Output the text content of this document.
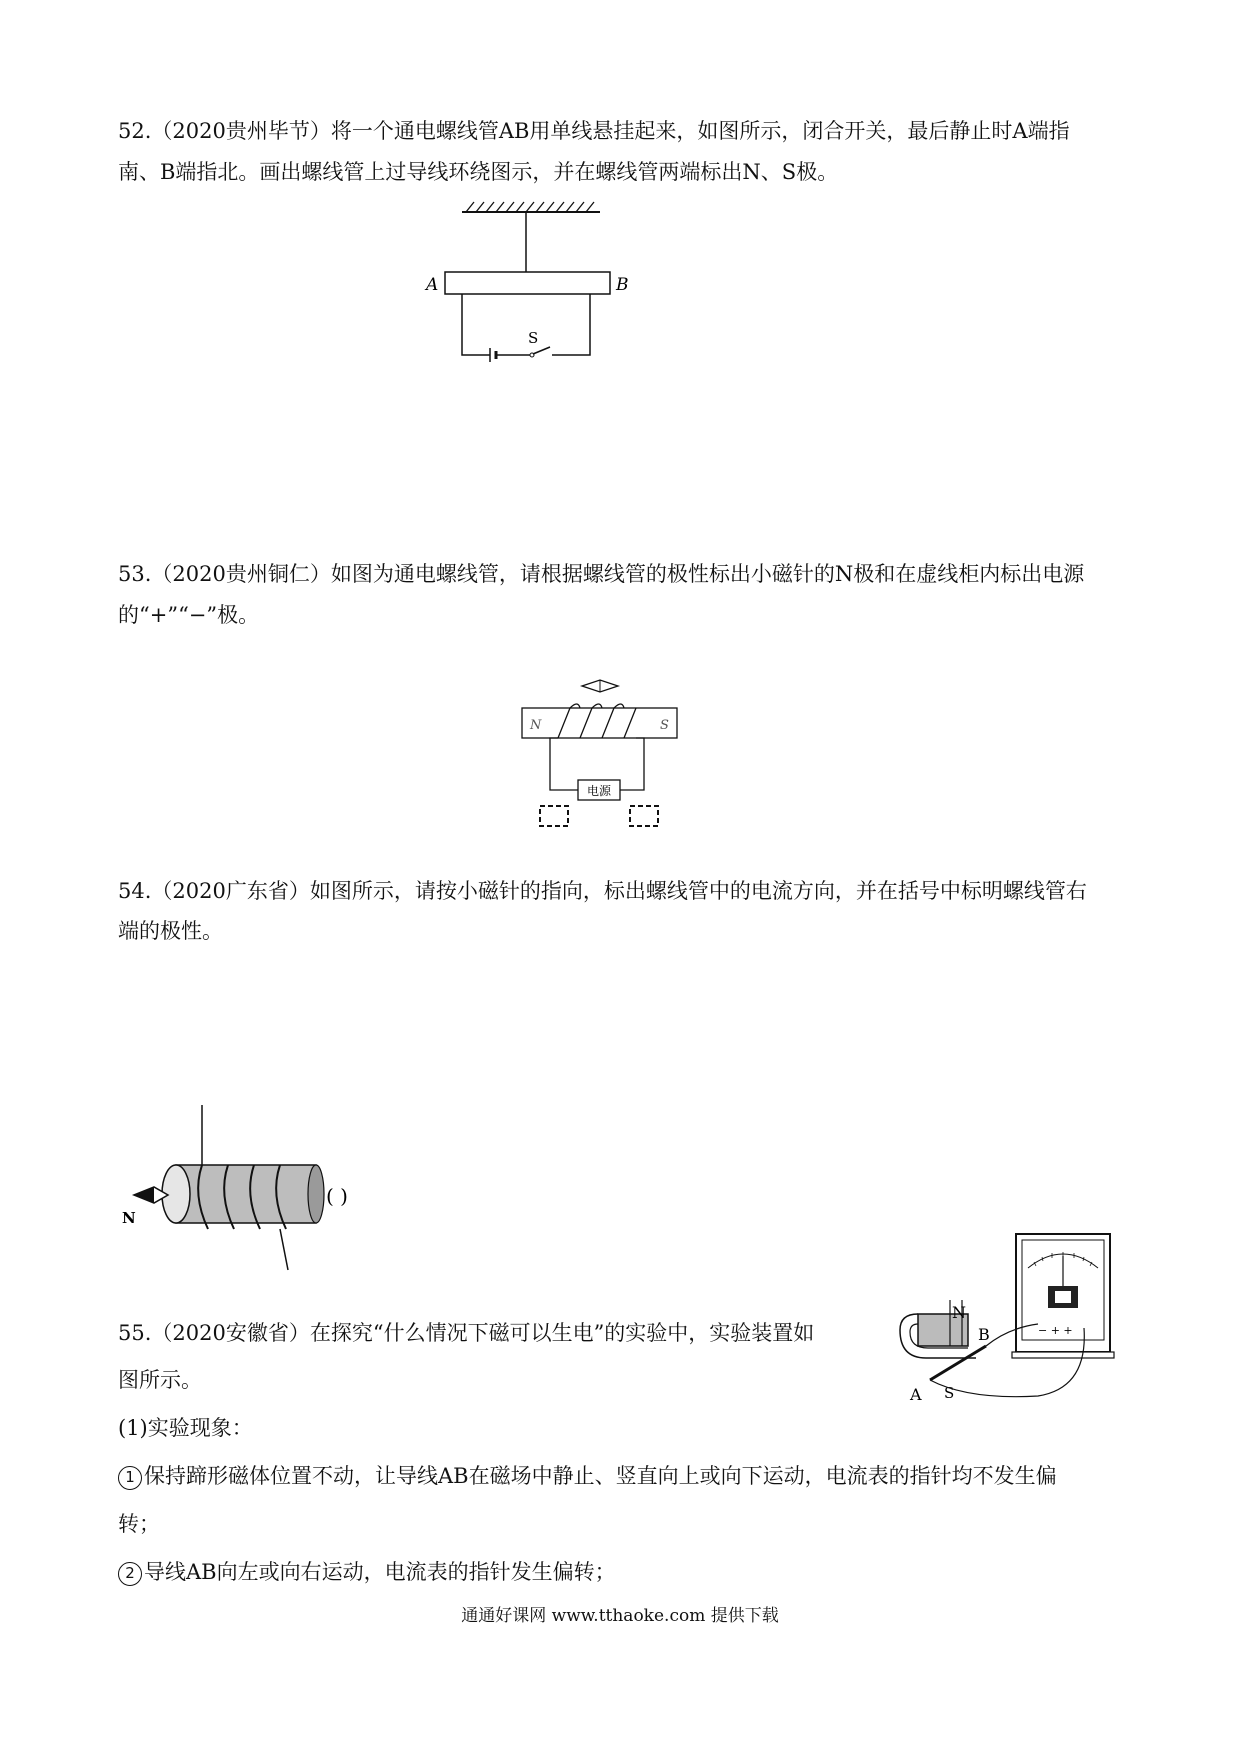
52.（2020贵州毕节）将一个通电螺线管AB用单线悬挂起来，如图所示，闭合开关，最后静止时A端指
南、B端指北。画出螺线管上过导线环绕图示，并在螺线管两端标出N、S极。
A	B
S
53.（2020贵州铜仁）如图为通电螺线管，请根据螺线管的极性标出小磁针的N极和在虚线柜内标出电源
的“+”“−”极。
N	S
电源
54.（2020广东省）如图所示，请按小磁针的指向，标出螺线管中的电流方向，并在括号中标明螺线管右
端的极性。
N
( )
55.（2020安徽省）在探究“什么情况下磁可以生电”的实验中，实验装置如
图所示。
(1)实验现象：
1 保持蹄形磁体位置不动，让导线AB在磁场中静止、竖直向上或向下运动，电流表的指针均不发生偏
转；
2 导线AB向左或向右运动，电流表的指针发生偏转；
− + +
N
B
A S
通通好课网 www.tthaoke.com 提供下载
